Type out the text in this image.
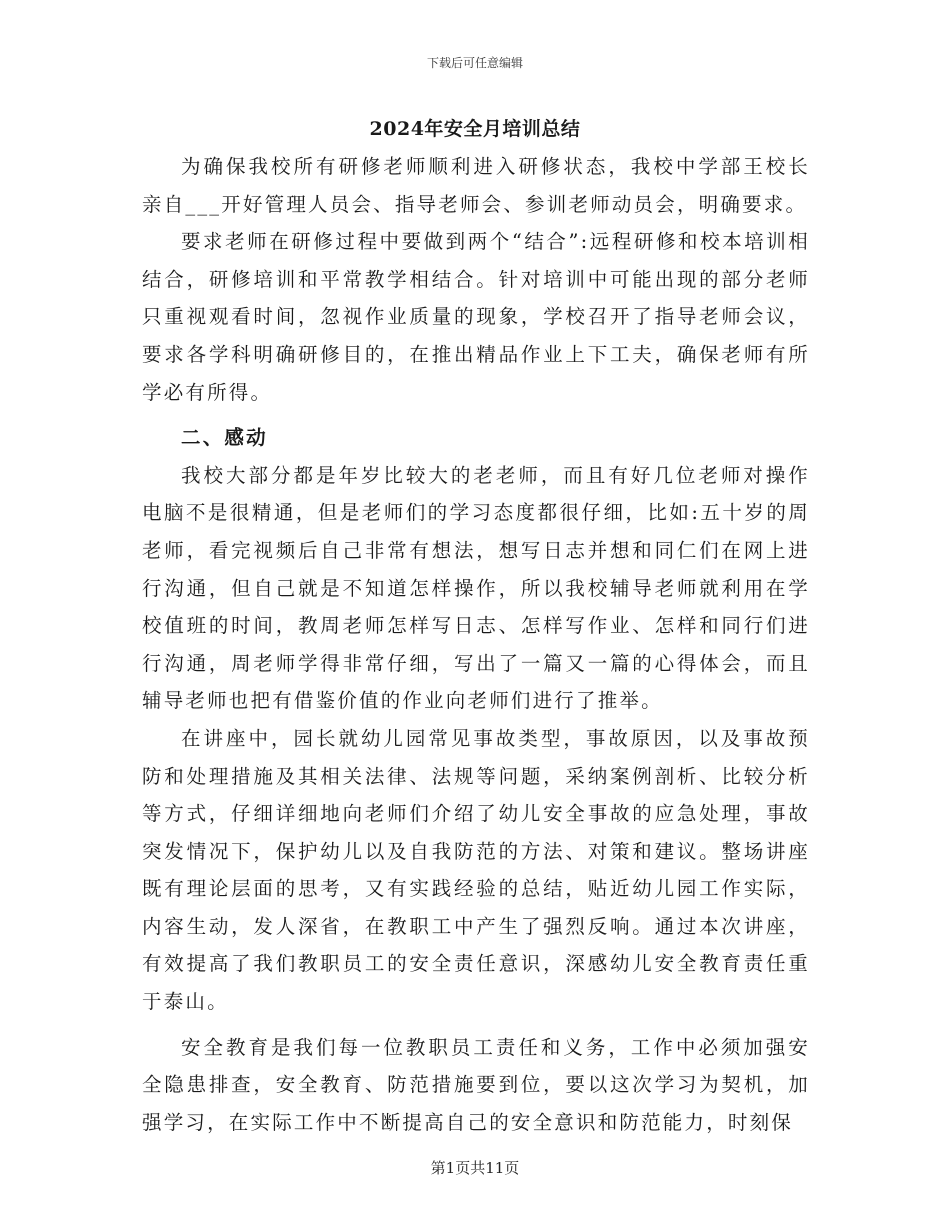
下载后可任意编辑
2024年安全月培训总结

为确保我校所有研修老师顺利进入研修状态，我校中学部王校长亲自___开好管理人员会、指导老师会、参训老师动员会，明确要求。

要求老师在研修过程中要做到两个“结合”:远程研修和校本培训相结合，研修培训和平常教学相结合。针对培训中可能出现的部分老师只重视观看时间，忽视作业质量的现象，学校召开了指导老师会议，要求各学科明确研修目的，在推出精品作业上下工夫，确保老师有所学必有所得。

二、感动

我校大部分都是年岁比较大的老老师，而且有好几位老师对操作电脑不是很精通，但是老师们的学习态度都很仔细，比如:五十岁的周老师，看完视频后自己非常有想法，想写日志并想和同仁们在网上进行沟通，但自己就是不知道怎样操作，所以我校辅导老师就利用在学校值班的时间，教周老师怎样写日志、怎样写作业、怎样和同行们进行沟通，周老师学得非常仔细，写出了一篇又一篇的心得体会，而且辅导老师也把有借鉴价值的作业向老师们进行了推举。

在讲座中，园长就幼儿园常见事故类型，事故原因，以及事故预防和处理措施及其相关法律、法规等问题，采纳案例剖析、比较分析等方式，仔细详细地向老师们介绍了幼儿安全事故的应急处理，事故突发情况下，保护幼儿以及自我防范的方法、对策和建议。整场讲座既有理论层面的思考，又有实践经验的总结，贴近幼儿园工作实际，内容生动，发人深省，在教职工中产生了强烈反响。通过本次讲座，有效提高了我们教职员工的安全责任意识，深感幼儿安全教育责任重于泰山。

安全教育是我们每一位教职员工责任和义务，工作中必须加强安全隐患排查，安全教育、防范措施要到位，要以这次学习为契机，加强学习，在实际工作中不断提高自己的安全意识和防范能力，时刻保

第1页共11页
